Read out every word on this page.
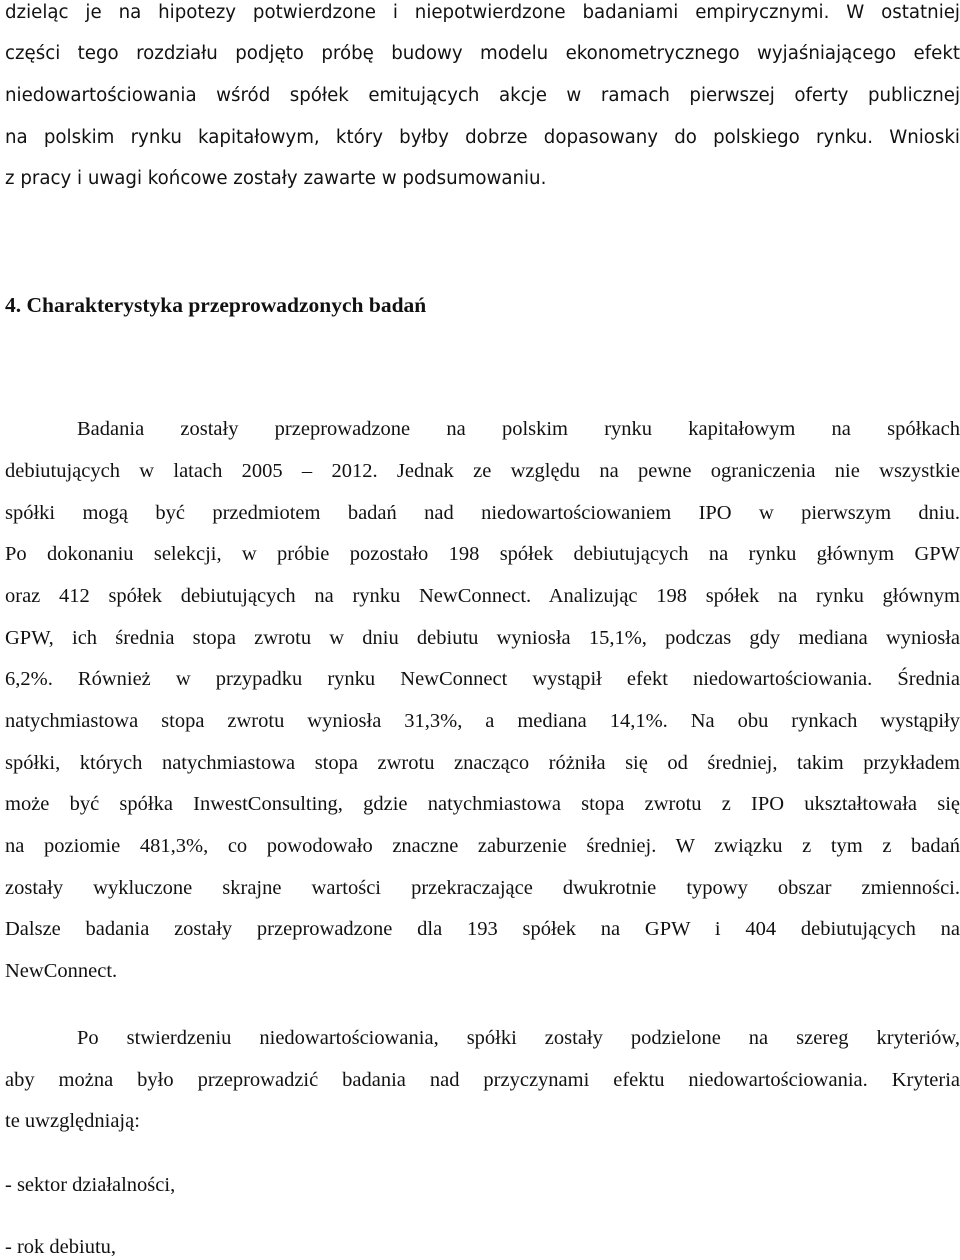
dzieląc je na hipotezy potwierdzone i niepotwierdzone badaniami empirycznymi. W ostatniej
części tego rozdziału podjęto próbę budowy modelu ekonometrycznego wyjaśniającego efekt
niedowartościowania wśród spółek emitujących akcje w ramach pierwszej oferty publicznej
na polskim rynku kapitałowym, który byłby dobrze dopasowany do polskiego rynku. Wnioski
z pracy i uwagi końcowe zostały zawarte w podsumowaniu.
4. Charakterystyka przeprowadzonych badań
Badania zostały przeprowadzone na polskim rynku kapitałowym na spółkach
debiutujących w latach 2005 – 2012. Jednak ze względu na pewne ograniczenia nie wszystkie
spółki mogą być przedmiotem badań nad niedowartościowaniem IPO w pierwszym dniu.
Po dokonaniu selekcji, w próbie pozostało 198 spółek debiutujących na rynku głównym GPW
oraz 412 spółek debiutujących na rynku NewConnect. Analizując 198 spółek na rynku głównym
GPW, ich średnia stopa zwrotu w dniu debiutu wyniosła 15,1%, podczas gdy mediana wyniosła
6,2%. Również w przypadku rynku NewConnect wystąpił efekt niedowartościowania. Średnia
natychmiastowa stopa zwrotu wyniosła 31,3%, a mediana 14,1%. Na obu rynkach wystąpiły
spółki, których natychmiastowa stopa zwrotu znacząco różniła się od średniej, takim przykładem
może być spółka InwestConsulting, gdzie natychmiastowa stopa zwrotu z IPO ukształtowała się
na poziomie 481,3%, co powodowało znaczne zaburzenie średniej. W związku z tym z badań
zostały wykluczone skrajne wartości przekraczające dwukrotnie typowy obszar zmienności.
Dalsze badania zostały przeprowadzone dla 193 spółek na GPW i 404 debiutujących na
NewConnect.
Po stwierdzeniu niedowartościowania, spółki zostały podzielone na szereg kryteriów,
aby można było przeprowadzić badania nad przyczynami efektu niedowartościowania. Kryteria
te uwzględniają:
- sektor działalności,
- rok debiutu,
